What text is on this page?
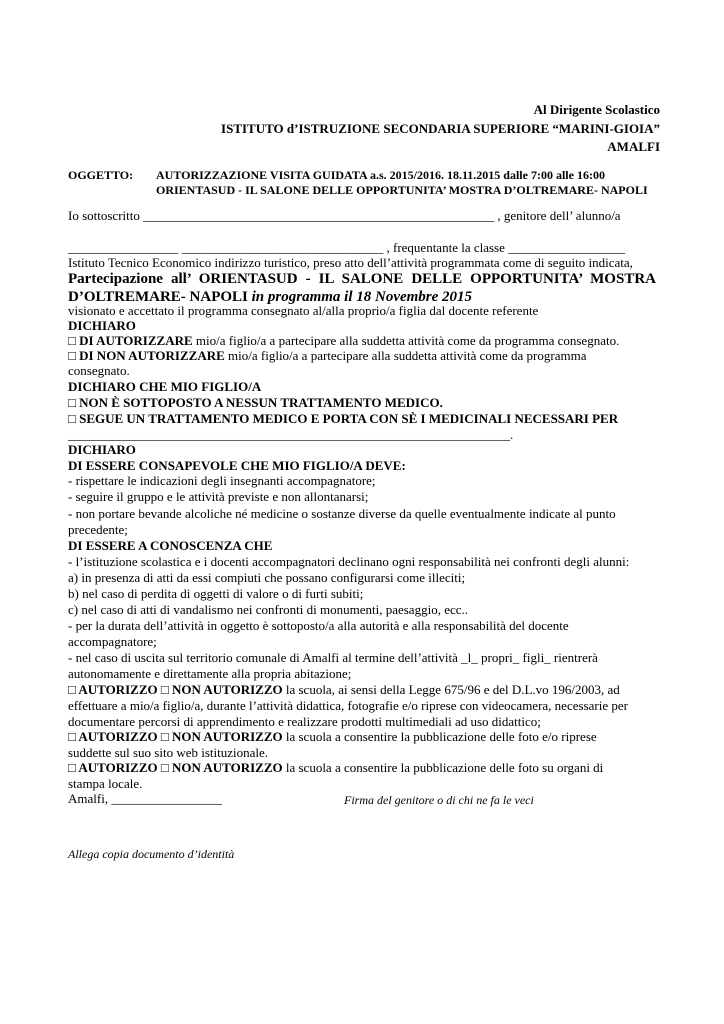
Al Dirigente Scolastico
ISTITUTO d’ISTRUZIONE SECONDARIA SUPERIORE “MARINI-GIOIA”
AMALFI
OGGETTO: AUTORIZZAZIONE VISITA GUIDATA a.s. 2015/2016. 18.11.2015 dalle 7:00 alle 16:00
ORIENTASUD - IL SALONE DELLE OPPORTUNITA’ MOSTRA D’OLTREMARE- NAPOLI
Io sottoscritto ______________________________________________________ , genitore dell’ alunno/a
_________________ _______________________________ , frequentante la classe __________________
Istituto Tecnico Economico indirizzo turistico, preso atto dell’attività programmata come di seguito indicata,
Partecipazione all’ ORIENTASUD - IL SALONE DELLE OPPORTUNITA’ MOSTRA
D’OLTREMARE- NAPOLI in programma il 18 Novembre 2015
visionato e accettato il programma consegnato al/alla proprio/a figlia dal docente referente
DICHIARO
□ DI AUTORIZZARE mio/a figlio/a a partecipare alla suddetta attività come da programma consegnato.
□ DI NON AUTORIZZARE mio/a figlio/a a partecipare alla suddetta attività come da programma
consegnato.
DICHIARO CHE MIO FIGLIO/A
□ NON È SOTTOPOSTO A NESSUN TRATTAMENTO MEDICO.
□ SEGUE UN TRATTAMENTO MEDICO E PORTA CON SÈ I MEDICINALI NECESSARI PER
____________________________________________________________________.
DICHIARO
DI ESSERE CONSAPEVOLE CHE MIO FIGLIO/A DEVE:
- rispettare le indicazioni degli insegnanti accompagnatore;
- seguire il gruppo e le attività previste e non allontanarsi;
- non portare bevande alcoliche né medicine o sostanze diverse da quelle eventualmente indicate al punto
precedente;
DI ESSERE A CONOSCENZA CHE
- l’istituzione scolastica e i docenti accompagnatori declinano ogni responsabilità nei confronti degli alunni:
a) in presenza di atti da essi compiuti che possano configurarsi come illeciti;
b) nel caso di perdita di oggetti di valore o di furti subiti;
c) nel caso di atti di vandalismo nei confronti di monumenti, paesaggio, ecc..
- per la durata dell’attività in oggetto è sottoposto/a alla autorità e alla responsabilità del docente
accompagnatore;
- nel caso di uscita sul territorio comunale di Amalfi al termine dell’attività _l_ propri_ figli_ rientrerà
autonomamente e direttamente alla propria abitazione;
□ AUTORIZZO □ NON AUTORIZZO la scuola, ai sensi della Legge 675/96 e del D.L.vo 196/2003, ad
effettuare a mio/a figlio/a, durante l’attività didattica, fotografie e/o riprese con videocamera, necessarie per
documentare percorsi di apprendimento e realizzare prodotti multimediali ad uso didattico;
□ AUTORIZZO □ NON AUTORIZZO la scuola a consentire la pubblicazione delle foto e/o riprese
suddette sul suo sito web istituzionale.
□ AUTORIZZO □ NON AUTORIZZO la scuola a consentire la pubblicazione delle foto su organi di
stampa locale.
Amalfi, _________________	Firma del genitore o di chi ne fa le veci
Allega copia documento d’identità
